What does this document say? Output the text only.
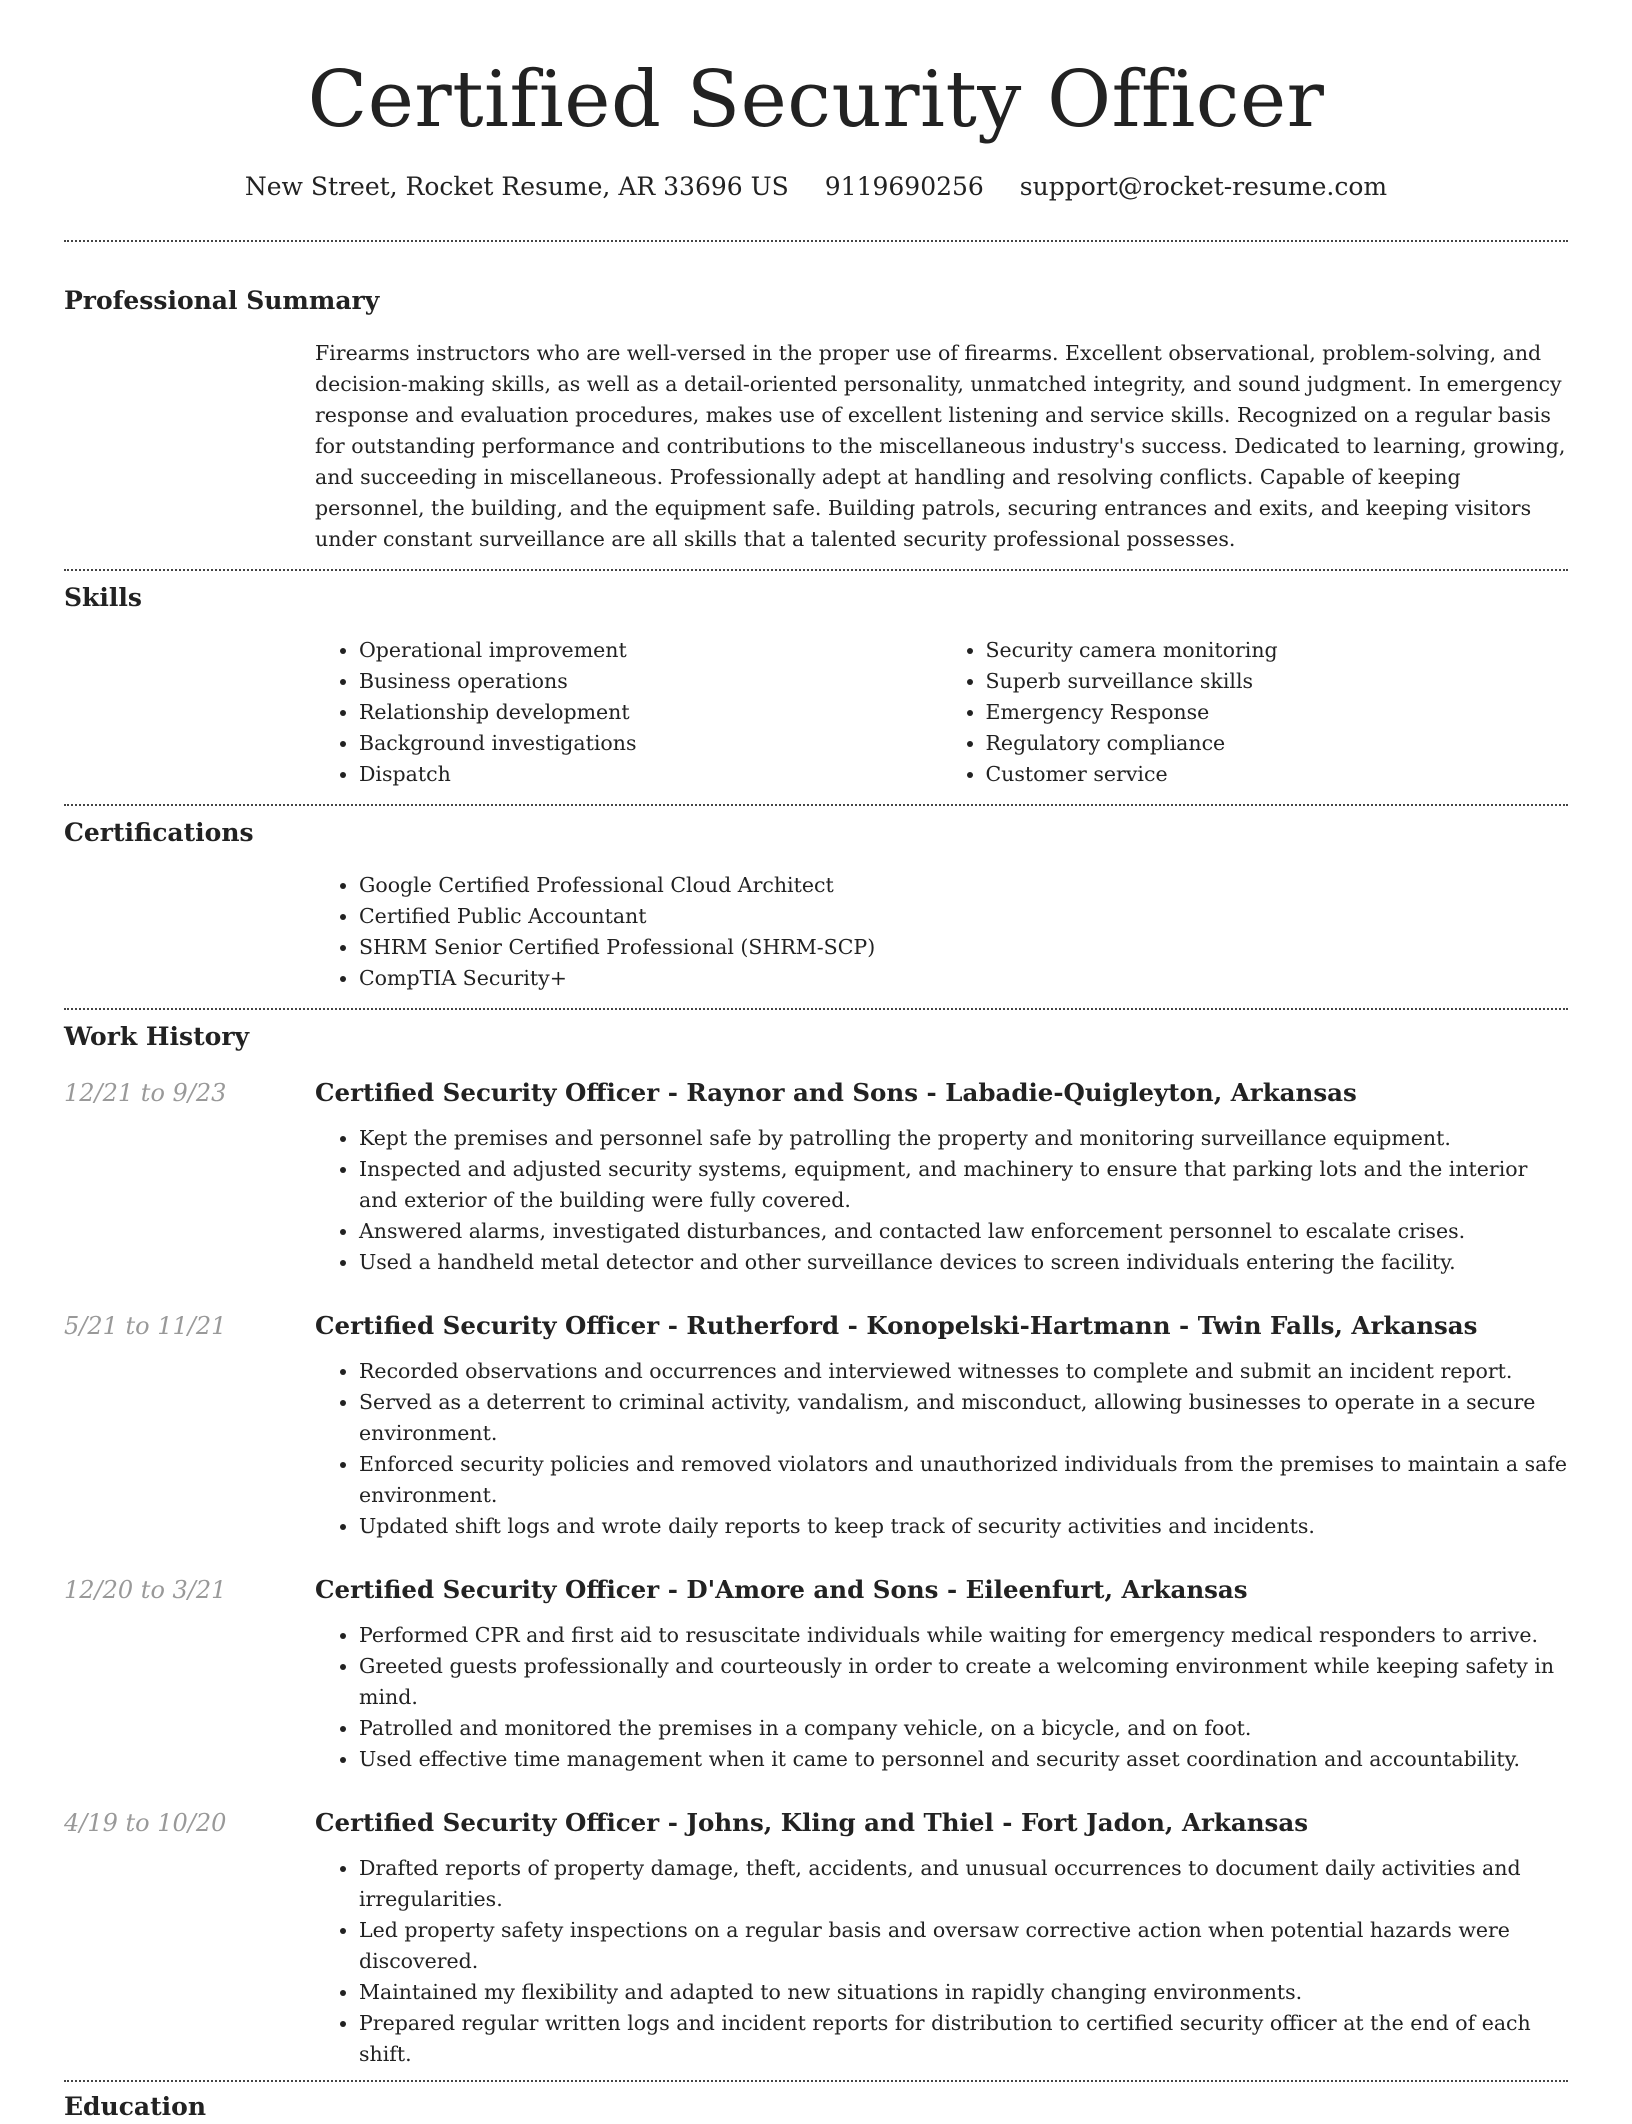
Certified Security Officer
New Street, Rocket Resume, AR 33696 US 9119690256 support@rocket-resume.com
Professional Summary

Firearms instructors who are well-versed in the proper use of firearms. Excellent observational, problem-solving, and decision-making skills, as well as a detail-oriented personality, unmatched integrity, and sound judgment. In emergency response and evaluation procedures, makes use of excellent listening and service skills. Recognized on a regular basis for outstanding performance and contributions to the miscellaneous industry's success. Dedicated to learning, growing, and succeeding in miscellaneous. Professionally adept at handling and resolving conflicts. Capable of keeping personnel, the building, and the equipment safe. Building patrols, securing entrances and exits, and keeping visitors under constant surveillance are all skills that a talented security professional possesses.

Skills
• Operational improvement
• Business operations
• Relationship development
• Background investigations
• Dispatch
• Security camera monitoring
• Superb surveillance skills
• Emergency Response
• Regulatory compliance
• Customer service
Certifications
• Google Certified Professional Cloud Architect
• Certified Public Accountant
• SHRM Senior Certified Professional (SHRM-SCP)
• CompTIA Security+
Work History
12/21 to 9/23	Certified Security Officer - Raynor and Sons - Labadie-Quigleyton, Arkansas
• Kept the premises and personnel safe by patrolling the property and monitoring surveillance equipment.
• Inspected and adjusted security systems, equipment, and machinery to ensure that parking lots and the interior and exterior of the building were fully covered.
• Answered alarms, investigated disturbances, and contacted law enforcement personnel to escalate crises.
• Used a handheld metal detector and other surveillance devices to screen individuals entering the facility.
5/21 to 11/21	Certified Security Officer - Rutherford - Konopelski-Hartmann - Twin Falls, Arkansas
• Recorded observations and occurrences and interviewed witnesses to complete and submit an incident report.
• Served as a deterrent to criminal activity, vandalism, and misconduct, allowing businesses to operate in a secure environment.
• Enforced security policies and removed violators and unauthorized individuals from the premises to maintain a safe environment.
• Updated shift logs and wrote daily reports to keep track of security activities and incidents.
12/20 to 3/21	Certified Security Officer - D'Amore and Sons - Eileenfurt, Arkansas
• Performed CPR and first aid to resuscitate individuals while waiting for emergency medical responders to arrive.
• Greeted guests professionally and courteously in order to create a welcoming environment while keeping safety in mind.
• Patrolled and monitored the premises in a company vehicle, on a bicycle, and on foot.
• Used effective time management when it came to personnel and security asset coordination and accountability.
4/19 to 10/20	Certified Security Officer - Johns, Kling and Thiel - Fort Jadon, Arkansas
• Drafted reports of property damage, theft, accidents, and unusual occurrences to document daily activities and irregularities.
• Led property safety inspections on a regular basis and oversaw corrective action when potential hazards were discovered.
• Maintained my flexibility and adapted to new situations in rapidly changing environments.
• Prepared regular written logs and incident reports for distribution to certified security officer at the end of each shift.
Education
